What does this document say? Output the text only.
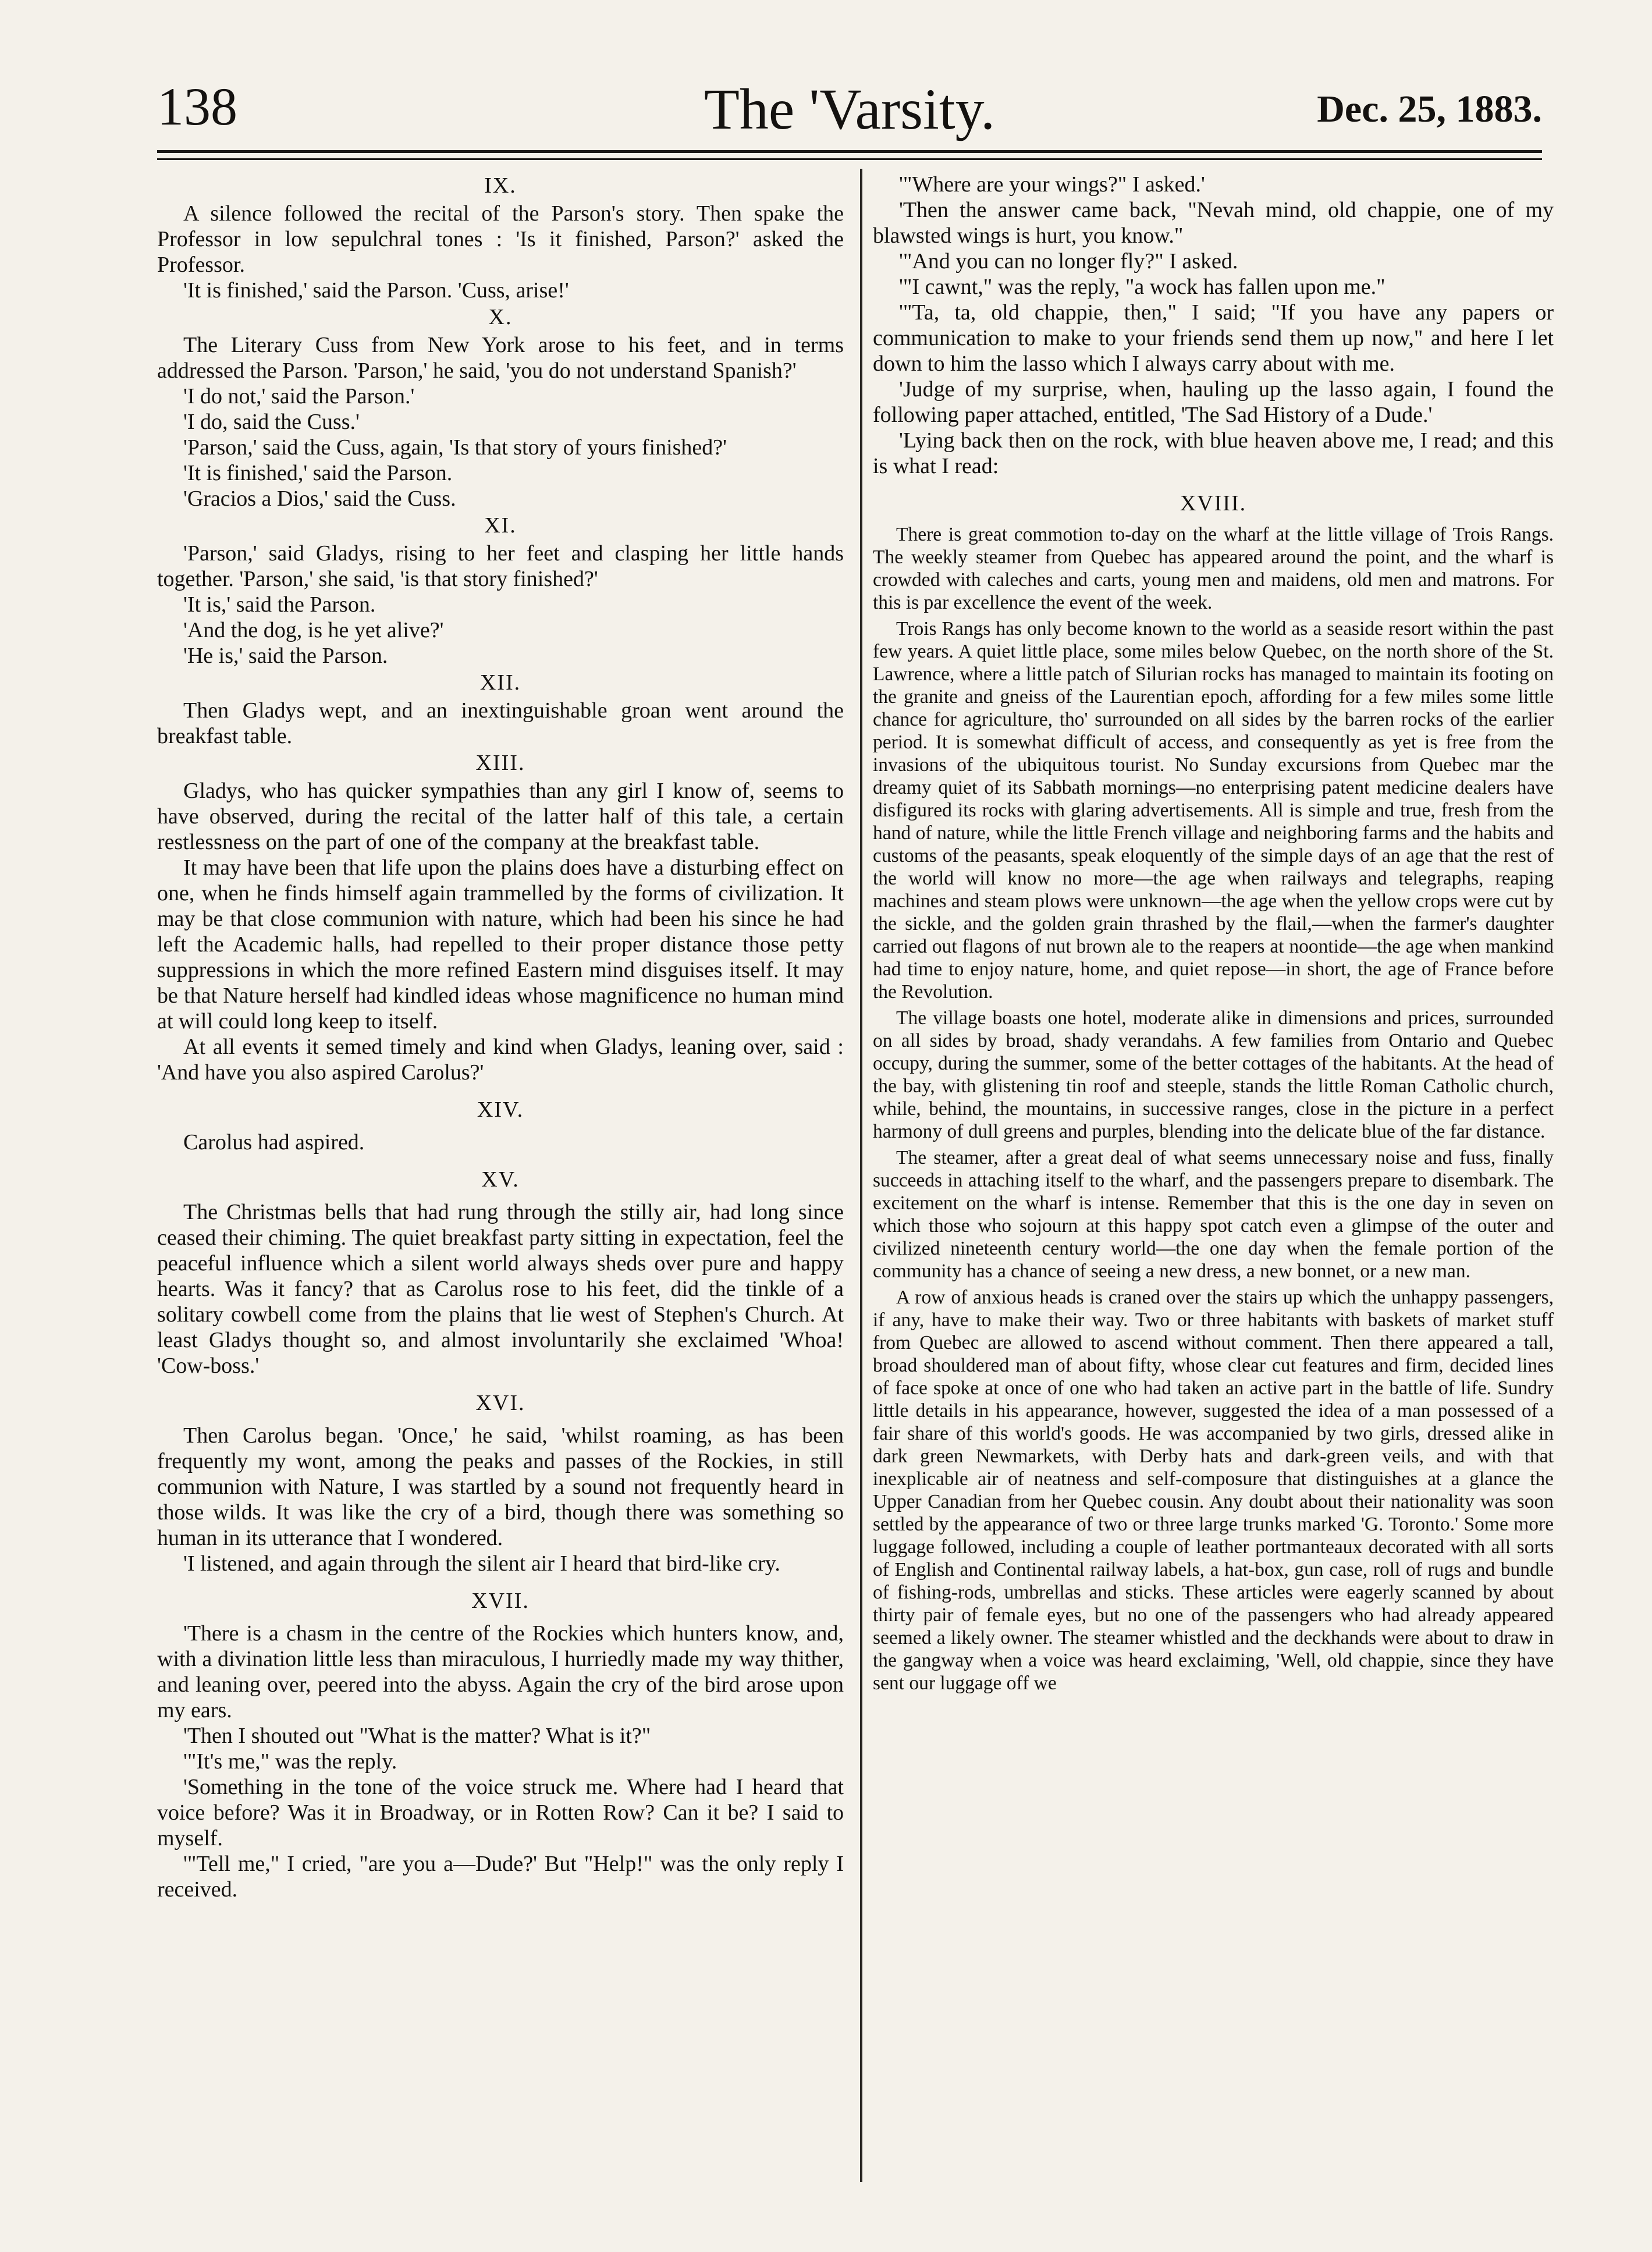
138	The 'Varsity.	Dec. 25, 1883.
IX.

A silence followed the recital of the Parson's story. Then spake the Professor in low sepulchral tones : 'Is it finished, Parson?' asked the Professor.

'It is finished,' said the Parson. 'Cuss, arise!'

X.

The Literary Cuss from New York arose to his feet, and in terms addressed the Parson. 'Parson,' he said, 'you do not understand Spanish?'

'I do not,' said the Parson.'

'I do, said the Cuss.'

'Parson,' said the Cuss, again, 'Is that story of yours finished?'

'It is finished,' said the Parson.

'Gracios a Dios,' said the Cuss.

XI.

'Parson,' said Gladys, rising to her feet and clasping her little hands together. 'Parson,' she said, 'is that story finished?'

'It is,' said the Parson.

'And the dog, is he yet alive?'

'He is,' said the Parson.

XII.

Then Gladys wept, and an inextinguishable groan went around the breakfast table.

XIII.

Gladys, who has quicker sympathies than any girl I know of, seems to have observed, during the recital of the latter half of this tale, a certain restlessness on the part of one of the company at the breakfast table.

It may have been that life upon the plains does have a disturbing effect on one, when he finds himself again trammelled by the forms of civilization. It may be that close communion with nature, which had been his since he had left the Academic halls, had repelled to their proper distance those petty suppressions in which the more refined Eastern mind disguises itself. It may be that Nature herself had kindled ideas whose magnificence no human mind at will could long keep to itself.

At all events it semed timely and kind when Gladys, leaning over, said : 'And have you also aspired Carolus?'

XIV.

Carolus had aspired.

XV.

The Christmas bells that had rung through the stilly air, had long since ceased their chiming. The quiet breakfast party sitting in expectation, feel the peaceful influence which a silent world always sheds over pure and happy hearts. Was it fancy? that as Carolus rose to his feet, did the tinkle of a solitary cowbell come from the plains that lie west of Stephen's Church. At least Gladys thought so, and almost involuntarily she exclaimed 'Whoa! 'Cow-boss.'

XVI.

Then Carolus began. 'Once,' he said, 'whilst roaming, as has been frequently my wont, among the peaks and passes of the Rockies, in still communion with Nature, I was startled by a sound not frequently heard in those wilds. It was like the cry of a bird, though there was something so human in its utterance that I wondered.

'I listened, and again through the silent air I heard that bird-like cry.

XVII.

'There is a chasm in the centre of the Rockies which hunters know, and, with a divination little less than miraculous, I hurriedly made my way thither, and leaning over, peered into the abyss. Again the cry of the bird arose upon my ears.

'Then I shouted out "What is the matter? What is it?"

'"It's me," was the reply.

'Something in the tone of the voice struck me. Where had I heard that voice before? Was it in Broadway, or in Rotten Row? Can it be? I said to myself.

'"Tell me," I cried, "are you a—Dude?' But "Help!" was the only reply I received.

'"Where are your wings?" I asked.'

'Then the answer came back, "Nevah mind, old chappie, one of my blawsted wings is hurt, you know."

'"And you can no longer fly?" I asked.

'"I cawnt," was the reply, "a wock has fallen upon me."

'"Ta, ta, old chappie, then," I said; "If you have any papers or communication to make to your friends send them up now," and here I let down to him the lasso which I always carry about with me.

'Judge of my surprise, when, hauling up the lasso again, I found the following paper attached, entitled, 'The Sad History of a Dude.'

'Lying back then on the rock, with blue heaven above me, I read; and this is what I read:

XVIII.

There is great commotion to-day on the wharf at the little village of Trois Rangs. The weekly steamer from Quebec has appeared around the point, and the wharf is crowded with caleches and carts, young men and maidens, old men and matrons. For this is par excellence the event of the week.

Trois Rangs has only become known to the world as a seaside resort within the past few years. A quiet little place, some miles below Quebec, on the north shore of the St. Lawrence, where a little patch of Silurian rocks has managed to maintain its footing on the granite and gneiss of the Laurentian epoch, affording for a few miles some little chance for agriculture, tho' surrounded on all sides by the barren rocks of the earlier period. It is somewhat difficult of access, and consequently as yet is free from the invasions of the ubiquitous tourist. No Sunday excursions from Quebec mar the dreamy quiet of its Sabbath mornings—no enterprising patent medicine dealers have disfigured its rocks with glaring advertisements. All is simple and true, fresh from the hand of nature, while the little French village and neighboring farms and the habits and customs of the peasants, speak eloquently of the simple days of an age that the rest of the world will know no more—the age when railways and telegraphs, reaping machines and steam plows were unknown—the age when the yellow crops were cut by the sickle, and the golden grain thrashed by the flail,—when the farmer's daughter carried out flagons of nut brown ale to the reapers at noontide—the age when mankind had time to enjoy nature, home, and quiet repose—in short, the age of France before the Revolution.

The village boasts one hotel, moderate alike in dimensions and prices, surrounded on all sides by broad, shady verandahs. A few families from Ontario and Quebec occupy, during the summer, some of the better cottages of the habitants. At the head of the bay, with glistening tin roof and steeple, stands the little Roman Catholic church, while, behind, the mountains, in successive ranges, close in the picture in a perfect harmony of dull greens and purples, blending into the delicate blue of the far distance.

The steamer, after a great deal of what seems unnecessary noise and fuss, finally succeeds in attaching itself to the wharf, and the passengers prepare to disembark. The excitement on the wharf is intense. Remember that this is the one day in seven on which those who sojourn at this happy spot catch even a glimpse of the outer and civilized nineteenth century world—the one day when the female portion of the community has a chance of seeing a new dress, a new bonnet, or a new man.

A row of anxious heads is craned over the stairs up which the unhappy passengers, if any, have to make their way. Two or three habitants with baskets of market stuff from Quebec are allowed to ascend without comment. Then there appeared a tall, broad shouldered man of about fifty, whose clear cut features and firm, decided lines of face spoke at once of one who had taken an active part in the battle of life. Sundry little details in his appearance, however, suggested the idea of a man possessed of a fair share of this world's goods. He was accompanied by two girls, dressed alike in dark green Newmarkets, with Derby hats and dark-green veils, and with that inexplicable air of neatness and self-composure that distinguishes at a glance the Upper Canadian from her Quebec cousin. Any doubt about their nationality was soon settled by the appearance of two or three large trunks marked 'G. Toronto.' Some more luggage followed, including a couple of leather portmanteaux decorated with all sorts of English and Continental railway labels, a hat-box, gun case, roll of rugs and bundle of fishing-rods, umbrellas and sticks. These articles were eagerly scanned by about thirty pair of female eyes, but no one of the passengers who had already appeared seemed a likely owner. The steamer whistled and the deckhands were about to draw in the gangway when a voice was heard exclaiming, 'Well, old chappie, since they have sent our luggage off we
